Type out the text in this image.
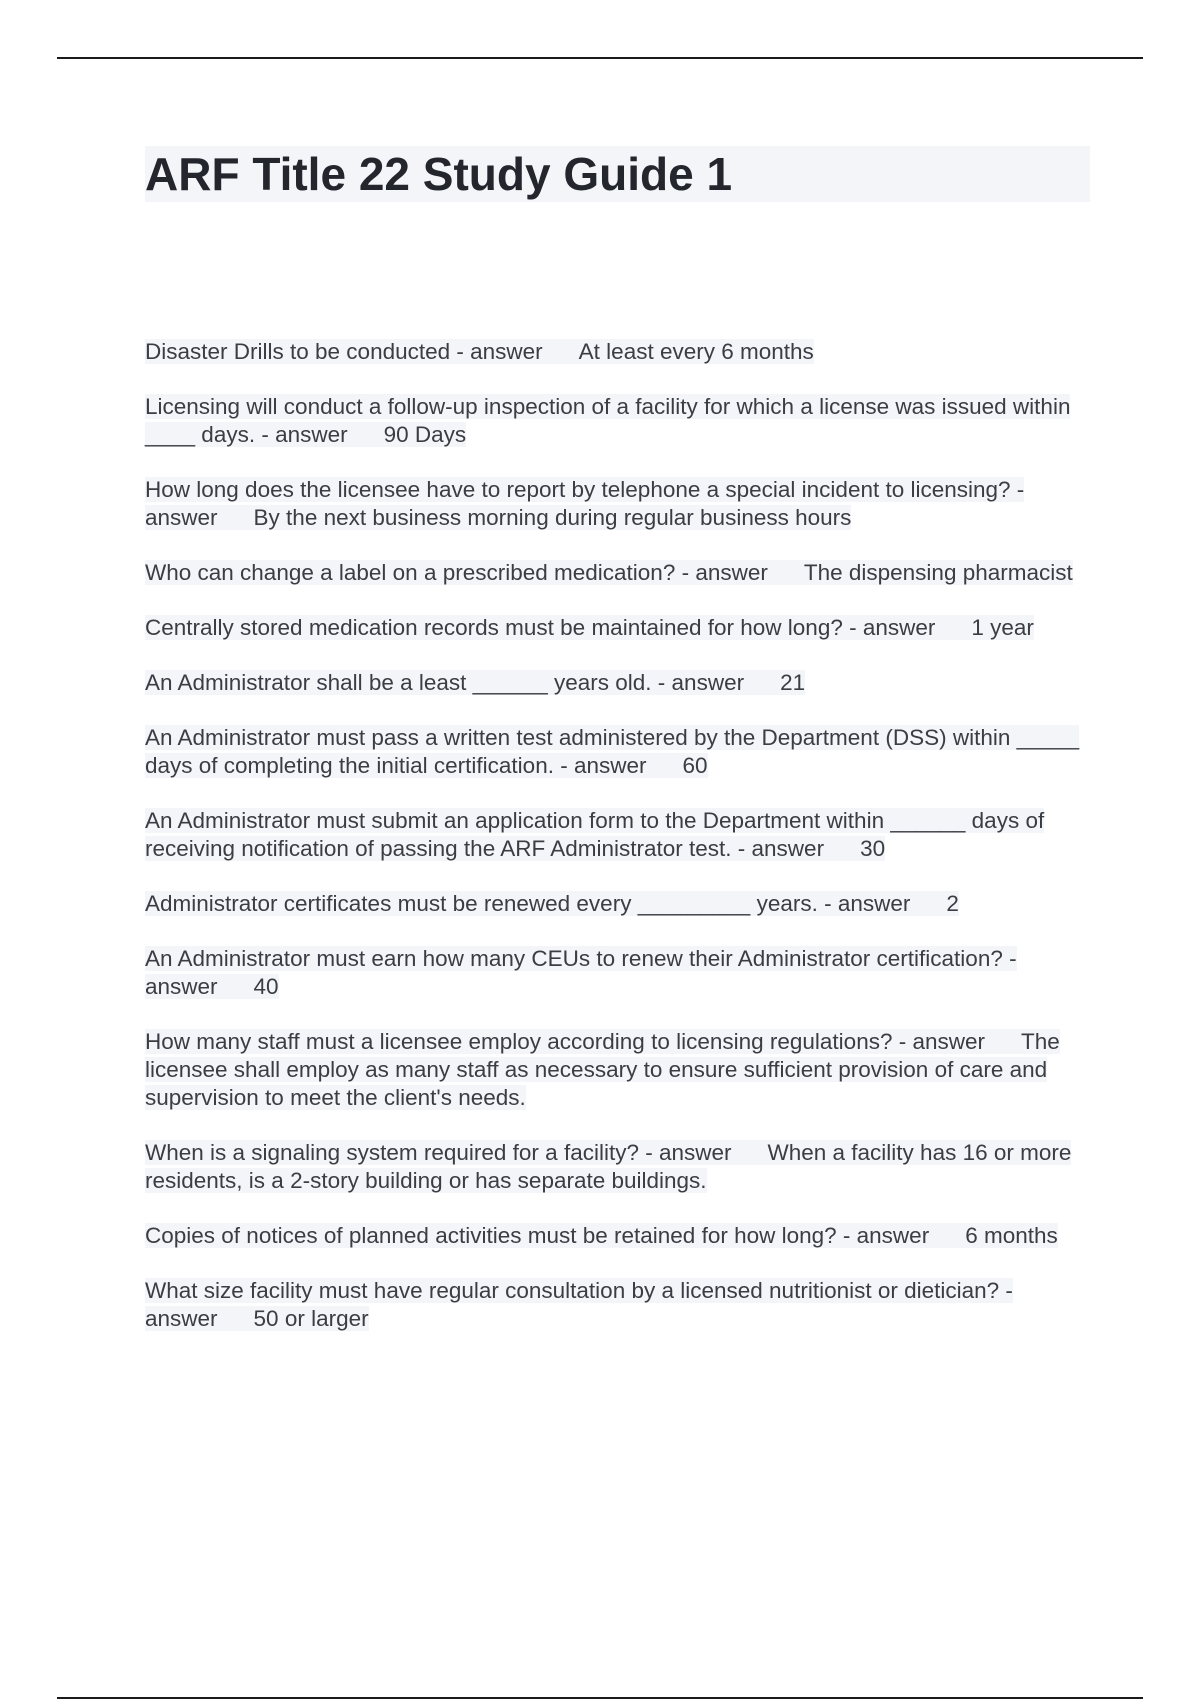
ARF Title 22 Study Guide 1
Disaster Drills to be conducted - answer At least every 6 months
Licensing will conduct a follow-up inspection of a facility for which a license was issued within ____ days. - answer 90 Days
How long does the licensee have to report by telephone a special incident to licensing? - answer By the next business morning during regular business hours
Who can change a label on a prescribed medication? - answer The dispensing pharmacist
Centrally stored medication records must be maintained for how long? - answer 1 year
An Administrator shall be a least ______ years old. - answer 21
An Administrator must pass a written test administered by the Department (DSS) within _____ days of completing the initial certification. - answer 60
An Administrator must submit an application form to the Department within ______ days of receiving notification of passing the ARF Administrator test. - answer 30
Administrator certificates must be renewed every _________ years. - answer 2
An Administrator must earn how many CEUs to renew their Administrator certification? - answer 40
How many staff must a licensee employ according to licensing regulations? - answer The licensee shall employ as many staff as necessary to ensure sufficient provision of care and supervision to meet the client's needs.
When is a signaling system required for a facility? - answer When a facility has 16 or more residents, is a 2-story building or has separate buildings.
Copies of notices of planned activities must be retained for how long? - answer 6 months
What size facility must have regular consultation by a licensed nutritionist or dietician? - answer 50 or larger
